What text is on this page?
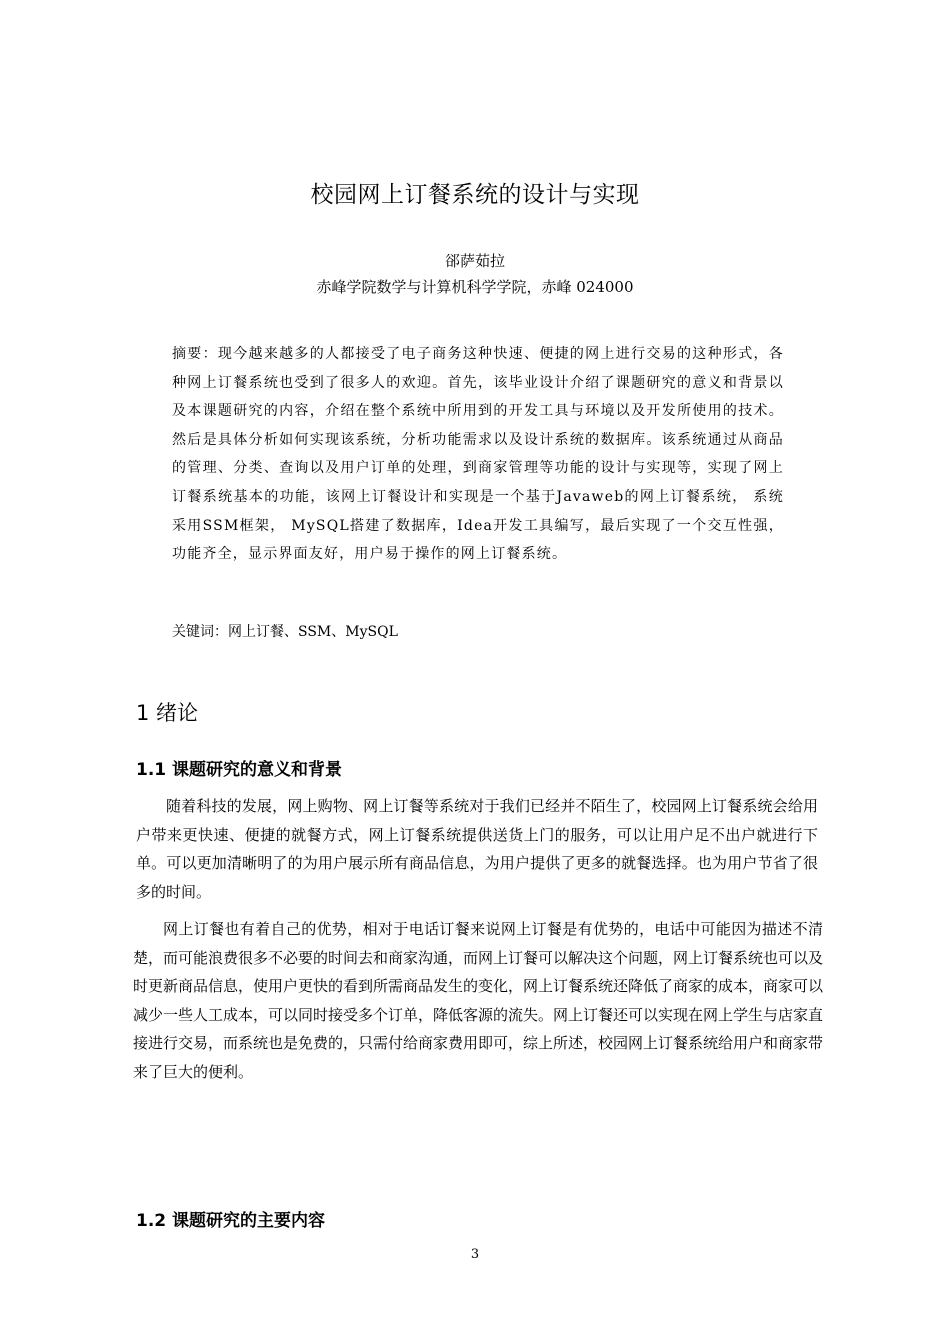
校园网上订餐系统的设计与实现
郤萨茹拉
赤峰学院数学与计算机科学学院，赤峰 024000
摘要：现今越来越多的人都接受了电子商务这种快速、便捷的网上进行交易的这种形式，各种网上订餐系统也受到了很多人的欢迎。首先，该毕业设计介绍了课题研究的意义和背景以及本课题研究的内容，介绍在整个系统中所用到的开发工具与环境以及开发所使用的技术。然后是具体分析如何实现该系统，分析功能需求以及设计系统的数据库。该系统通过从商品的管理、分类、查询以及用户订单的处理，到商家管理等功能的设计与实现等，实现了网上订餐系统基本的功能，该网上订餐设计和实现是一个基于Javaweb的网上订餐系统， 系统采用SSM框架， MySQL搭建了数据库，Idea开发工具编写，最后实现了一个交互性强，功能齐全，显示界面友好，用户易于操作的网上订餐系统。
关键词：网上订餐、SSM、MySQL
1 绪论
1.1 课题研究的意义和背景
随着科技的发展，网上购物、网上订餐等系统对于我们已经并不陌生了，校园网上订餐系统会给用户带来更快速、便捷的就餐方式，网上订餐系统提供送货上门的服务，可以让用户足不出户就进行下单。可以更加清晰明了的为用户展示所有商品信息，为用户提供了更多的就餐选择。也为用户节省了很多的时间。
网上订餐也有着自己的优势，相对于电话订餐来说网上订餐是有优势的，电话中可能因为描述不清楚，而可能浪费很多不必要的时间去和商家沟通，而网上订餐可以解决这个问题，网上订餐系统也可以及时更新商品信息，使用户更快的看到所需商品发生的变化，网上订餐系统还降低了商家的成本，商家可以减少一些人工成本，可以同时接受多个订单，降低客源的流失。网上订餐还可以实现在网上学生与店家直接进行交易，而系统也是免费的，只需付给商家费用即可，综上所述，校园网上订餐系统给用户和商家带来了巨大的便利。
1.2 课题研究的主要内容
3
